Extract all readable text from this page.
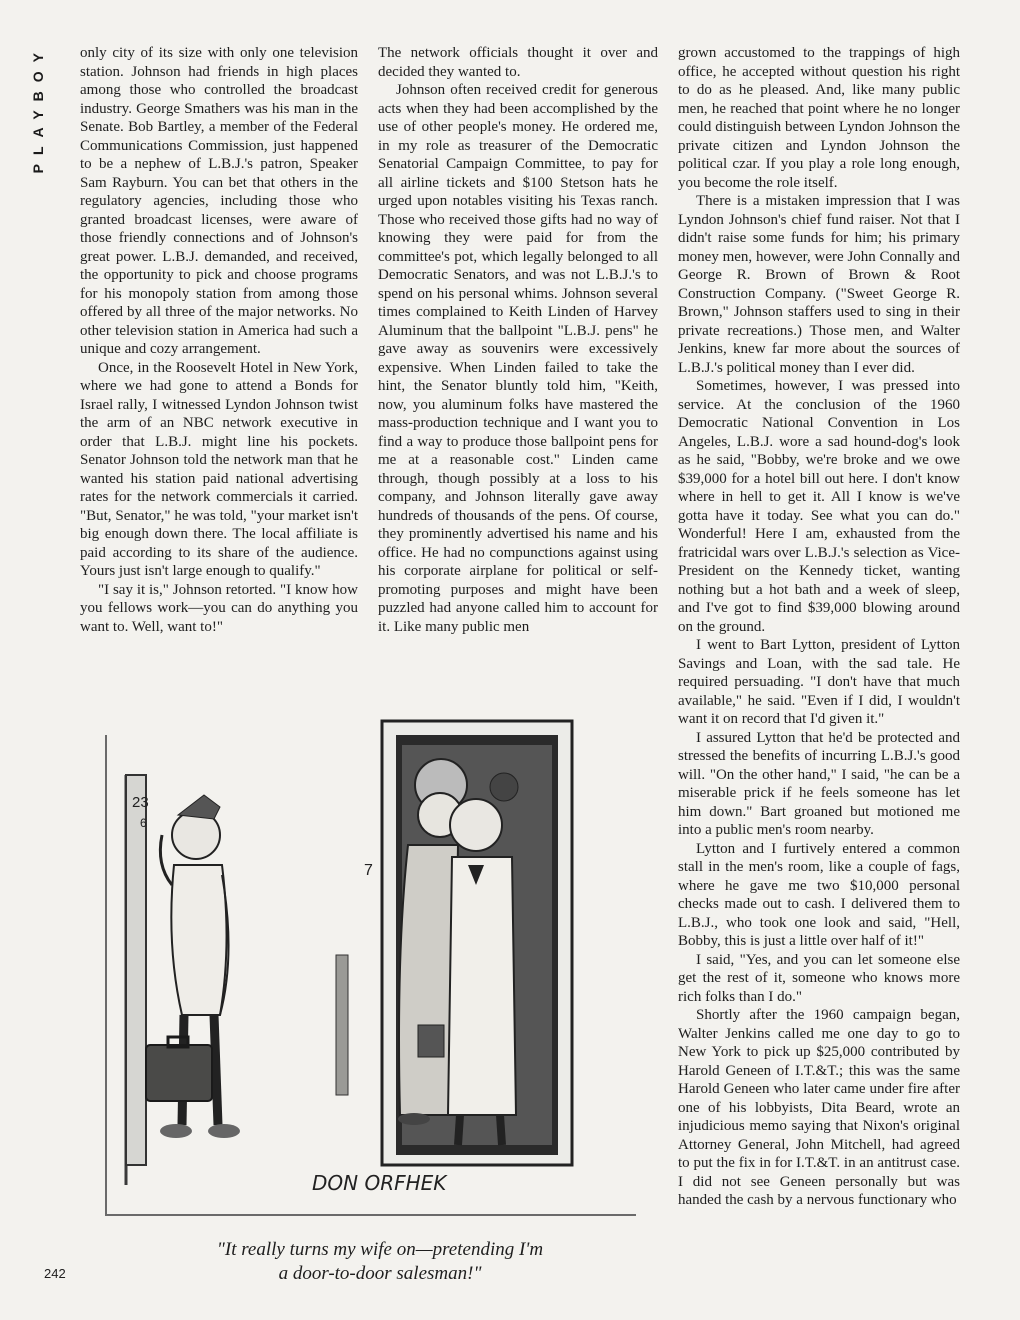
PLAYBOY	only city of its size with only one television station. Johnson had friends in high places among those who controlled the broadcast industry. George Smathers was his man in the Senate. Bob Bartley, a member of the Federal Communications Commission, just happened to be a nephew of L.B.J.'s patron, Speaker Sam Rayburn. You can bet that others in the regulatory agencies, including those who granted broadcast licenses, were aware of those friendly connections and of Johnson's great power. L.B.J. demanded, and received, the opportunity to pick and choose programs for his monopoly station from among those offered by all three of the major networks. No other television station in America had such a unique and cozy arrangement.

Once, in the Roosevelt Hotel in New York, where we had gone to attend a Bonds for Israel rally, I witnessed Lyndon Johnson twist the arm of an NBC network executive in order that L.B.J. might line his pockets. Senator Johnson told the network man that he wanted his station paid national advertising rates for the network commercials it carried. "But, Senator," he was told, "your market isn't big enough down there. The local affiliate is paid according to its share of the audience. Yours just isn't large enough to qualify."

"I say it is," Johnson retorted. "I know how you fellows work—you can do anything you want to. Well, want to!"

The network officials thought it over and decided they wanted to.

Johnson often received credit for generous acts when they had been accomplished by the use of other people's money. He ordered me, in my role as treasurer of the Democratic Senatorial Campaign Committee, to pay for all airline tickets and $100 Stetson hats he urged upon notables visiting his Texas ranch. Those who received those gifts had no way of knowing they were paid for from the committee's pot, which legally belonged to all Democratic Senators, and was not L.B.J.'s to spend on his personal whims. Johnson several times complained to Keith Linden of Harvey Aluminum that the ballpoint "L.B.J. pens" he gave away as souvenirs were excessively expensive. When Linden failed to take the hint, the Senator bluntly told him, "Keith, now, you aluminum folks have mastered the mass-production technique and I want you to find a way to produce those ballpoint pens for me at a reasonable cost." Linden came through, though possibly at a loss to his company, and Johnson literally gave away hundreds of thousands of the pens. Of course, they prominently advertised his name and his office. He had no compunctions against using his corporate airplane for political or self-promoting purposes and might have been puzzled had anyone called him to account for it. Like many public men

grown accustomed to the trappings of high office, he accepted without question his right to do as he pleased. And, like many public men, he reached that point where he no longer could distinguish between Lyndon Johnson the private citizen and Lyndon Johnson the political czar. If you play a role long enough, you become the role itself.

There is a mistaken impression that I was Lyndon Johnson's chief fund raiser. Not that I didn't raise some funds for him; his primary money men, however, were John Connally and George R. Brown of Brown & Root Construction Company. ("Sweet George R. Brown," Johnson staffers used to sing in their private recreations.) Those men, and Walter Jenkins, knew far more about the sources of L.B.J.'s political money than I ever did.

Sometimes, however, I was pressed into service. At the conclusion of the 1960 Democratic National Convention in Los Angeles, L.B.J. wore a sad hound-dog's look as he said, "Bobby, we're broke and we owe $39,000 for a hotel bill out here. I don't know where in hell to get it. All I know is we've gotta have it today. See what you can do." Wonderful! Here I am, exhausted from the fratricidal wars over L.B.J.'s selection as Vice-President on the Kennedy ticket, wanting nothing but a hot bath and a week of sleep, and I've got to find $39,000 blowing around on the ground.

I went to Bart Lytton, president of Lytton Savings and Loan, with the sad tale. He required persuading. "I don't have that much available," he said. "Even if I did, I wouldn't want it on record that I'd given it."

I assured Lytton that he'd be protected and stressed the benefits of incurring L.B.J.'s good will. "On the other hand," I said, "he can be a miserable prick if he feels someone has let him down." Bart groaned but motioned me into a public men's room nearby.

Lytton and I furtively entered a common stall in the men's room, like a couple of fags, where he gave me two $10,000 personal checks made out to cash. I delivered them to L.B.J., who took one look and said, "Hell, Bobby, this is just a little over half of it!"

I said, "Yes, and you can let someone else get the rest of it, someone who knows more rich folks than I do."

Shortly after the 1960 campaign began, Walter Jenkins called me one day to go to New York to pick up $25,000 contributed by Harold Geneen of I.T.&T.; this was the same Harold Geneen who later came under fire after one of his lobbyists, Dita Beard, wrote an injudicious memo saying that Nixon's original Attorney General, John Mitchell, had agreed to put the fix in for I.T.&T. in an antitrust case. I did not see Geneen personally but was handed the cash by a nervous functionary who

7
23
6
DON ORFHEK
"It really turns my wife on—pretending I'm
a door-to-door salesman!"
242
